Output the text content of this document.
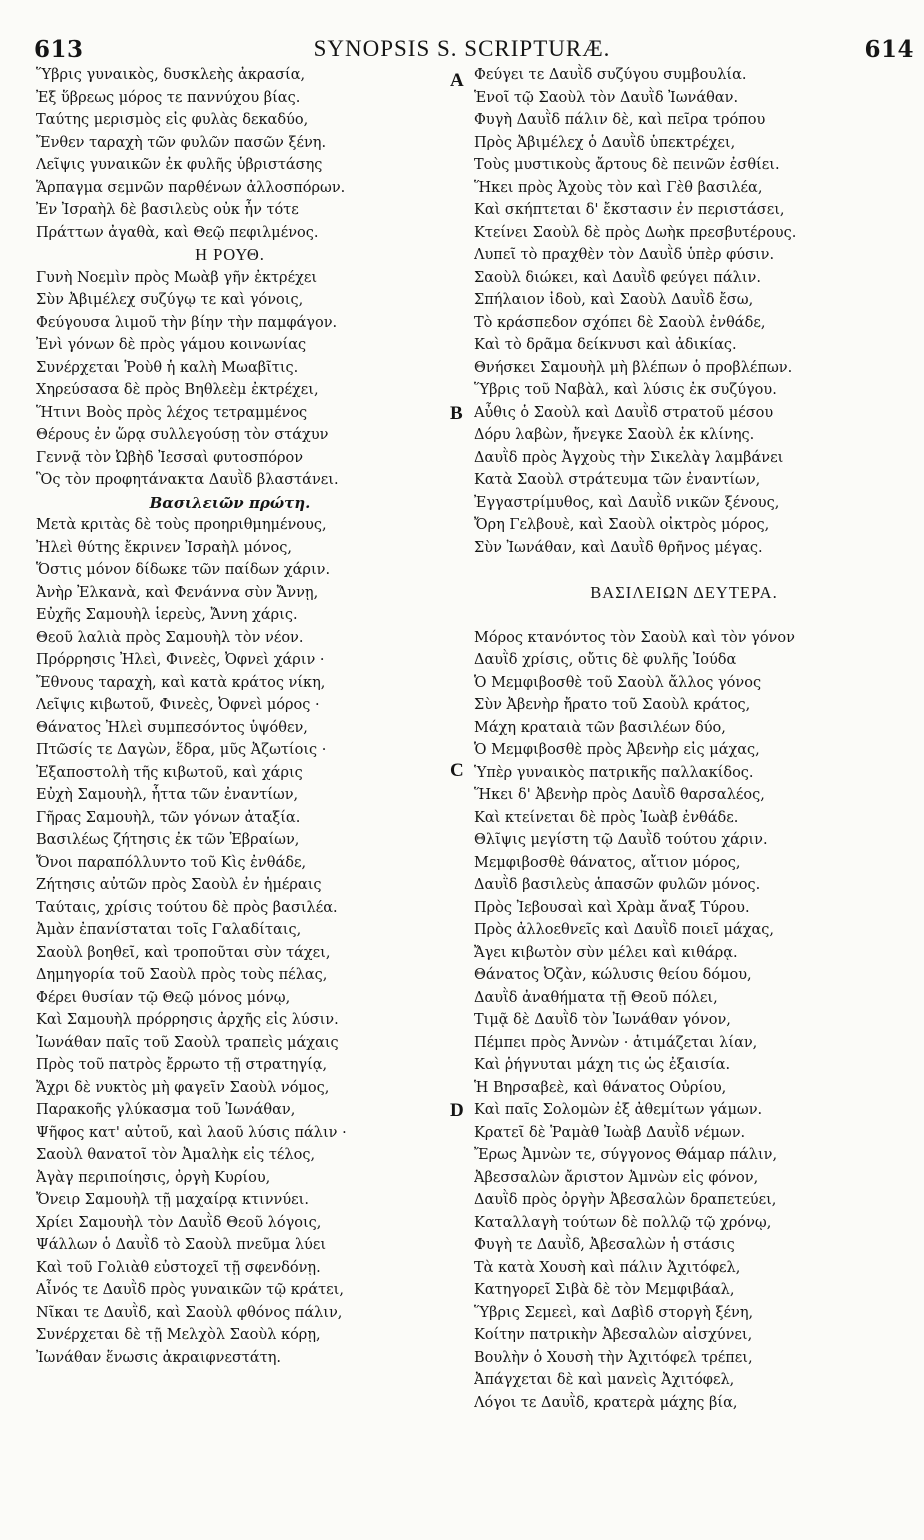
613	SYNOPSIS S. SCRIPTURÆ.	614
Ὕβρις γυναικὸς, δυσκλεὴς ἀκρασία,
Ἐξ ὕβρεως μόρος τε παννύχου βίας.
Ταύτης μερισμὸς εἰς φυλὰς δεκαδύο,
Ἔνθεν ταραχὴ τῶν φυλῶν πασῶν ξένη.
Λεῖψις γυναικῶν ἐκ φυλῆς ὑβριστάσης
Ἅρπαγμα σεμνῶν παρθένων ἀλλοσπόρων.
Ἐν Ἰσραὴλ δὲ βασιλεὺς οὐκ ἦν τότε
Πράττων ἀγαθὰ, καὶ Θεῷ πεφιλμένος.
Η ΡΟΥΘ.
Γυνὴ Νοεμὶν πρὸς Μωὰβ γῆν ἐκτρέχει
Σὺν Ἀβιμέλεχ συζύγῳ τε καὶ γόνοις,
Φεύγουσα λιμοῦ τὴν βίην τὴν παμφάγον.
Ἐνὶ γόνων δὲ πρὸς γάμου κοινωνίας
Συνέρχεται Ῥοὺθ ἡ καλὴ Μωαβῖτις.
Χηρεύσασα δὲ πρὸς Βηθλεὲμ ἐκτρέχει,
Ἥτινι Βοὸς πρὸς λέχος τετραμμένος
Θέρους ἐν ὥρᾳ συλλεγούσῃ τὸν στάχυν
Γεννᾷ τὸν Ὠβὴδ Ἰεσσαὶ φυτοσπόρον
Ὃς τὸν προφητάνακτα Δαυῒδ βλαστάνει.
Βασιλειῶν πρώτη.
Μετὰ κριτὰς δὲ τοὺς προηριθμημένους,
Ἠλεὶ θύτης ἔκρινεν Ἰσραὴλ μόνος,
Ὅστις μόνον δίδωκε τῶν παίδων χάριν.
Ἀνὴρ Ἐλκανὰ, καὶ Φενάννα σὺν Ἄννῃ,
Εὐχῆς Σαμουὴλ ἱερεὺς, Ἄννη χάρις.
Θεοῦ λαλιὰ πρὸς Σαμουὴλ τὸν νέον.
Πρόρρησις Ἠλεὶ, Φινεὲς, Ὀφνεὶ χάριν ·
Ἔθνους ταραχὴ, καὶ κατὰ κράτος νίκη,
Λεῖψις κιβωτοῦ, Φινεὲς, Ὀφνεὶ μόρος ·
Θάνατος Ἠλεὶ συμπεσόντος ὑψόθεν,
Πτῶσίς τε Δαγὼν, ἕδρα, μῦς Ἀζωτίοις ·
Ἐξαποστολὴ τῆς κιβωτοῦ, καὶ χάρις
Εὐχὴ Σαμουὴλ, ἧττα τῶν ἐναντίων,
Γῆρας Σαμουὴλ, τῶν γόνων ἀταξία.
Βασιλέως ζήτησις ἐκ τῶν Ἑβραίων,
Ὄνοι παραπόλλυντο τοῦ Κὶς ἐνθάδε,
Ζήτησις αὐτῶν πρὸς Σαοὺλ ἐν ἡμέραις
Ταύταις, χρίσις τούτου δὲ πρὸς βασιλέα.
Ἀμὰν ἐπανίσταται τοῖς Γαλαδίταις,
Σαοὺλ βοηθεῖ, καὶ τροποῦται σὺν τάχει,
Δημηγορία τοῦ Σαοὺλ πρὸς τοὺς πέλας,
Φέρει θυσίαν τῷ Θεῷ μόνος μόνῳ,
Καὶ Σαμουὴλ πρόρρησις ἀρχῆς εἰς λύσιν.
Ἰωνάθαν παῖς τοῦ Σαοὺλ τραπεὶς μάχαις
Πρὸς τοῦ πατρὸς ἔρρωτο τῇ στρατηγίᾳ,
Ἄχρι δὲ νυκτὸς μὴ φαγεῖν Σαοὺλ νόμος,
Παρακοῆς γλύκασμα τοῦ Ἰωνάθαν,
Ψῆφος κατ' αὐτοῦ, καὶ λαοῦ λύσις πάλιν ·
Σαοὺλ θανατοῖ τὸν Ἀμαλὴκ εἰς τέλος,
Ἀγὰγ περιποίησις, ὀργὴ Κυρίου,
Ὄνειρ Σαμουὴλ τῇ μαχαίρᾳ κτιννύει.
Χρίει Σαμουὴλ τὸν Δαυῒδ Θεοῦ λόγοις,
Ψάλλων ὁ Δαυῒδ τὸ Σαοὺλ πνεῦμα λύει
Καὶ τοῦ Γολιὰθ εὐστοχεῖ τῇ σφενδόνῃ.
Αἶνός τε Δαυῒδ πρὸς γυναικῶν τῷ κράτει,
Νῖκαι τε Δαυῒδ, καὶ Σαοὺλ φθόνος πάλιν,
Συνέρχεται δὲ τῇ Μελχὸλ Σαοὺλ κόρῃ,
Ἰωνάθαν ἕνωσις ἀκραιφνεστάτη.
Φεύγει τε Δαυῒδ συζύγου συμβουλία.
Ἑνοῖ τῷ Σαοὺλ τὸν Δαυῒδ Ἰωνάθαν.
Φυγὴ Δαυῒδ πάλιν δὲ, καὶ πεῖρα τρόπου
Πρὸς Ἀβιμέλεχ ὁ Δαυῒδ ὑπεκτρέχει,
Τοὺς μυστικοὺς ἄρτους δὲ πεινῶν ἐσθίει.
Ἥκει πρὸς Ἀχοὺς τὸν καὶ Γὲθ βασιλέα,
Καὶ σκήπτεται δ' ἔκστασιν ἐν περιστάσει,
Κτείνει Σαοὺλ δὲ πρὸς Δωὴκ πρεσβυτέρους.
Λυπεῖ τὸ πραχθὲν τὸν Δαυῒδ ὑπὲρ φύσιν.
Σαοὺλ διώκει, καὶ Δαυῒδ φεύγει πάλιν.
Σπήλαιον ἰδοὺ, καὶ Σαοὺλ Δαυῒδ ἔσω,
Τὸ κράσπεδον σχόπει δὲ Σαοὺλ ἐνθάδε,
Καὶ τὸ δρᾶμα δείκνυσι καὶ ἀδικίας.
Θνήσκει Σαμουὴλ μὴ βλέπων ὁ προβλέπων.
Ὕβρις τοῦ Ναβὰλ, καὶ λύσις ἐκ συζύγου.
Αὖθις ὁ Σαοὺλ καὶ Δαυῒδ στρατοῦ μέσου
Δόρυ λαβὼν, ἤνεγκε Σαοὺλ ἐκ κλίνης.
Δαυῒδ πρὸς Ἀγχοὺς τὴν Σικελὰγ λαμβάνει
Κατὰ Σαοὺλ στράτευμα τῶν ἐναντίων,
Ἐγγαστρίμυθος, καὶ Δαυῒδ νικῶν ξένους,
Ὄρη Γελβουὲ, καὶ Σαοὺλ οἰκτρὸς μόρος,
Σὺν Ἰωνάθαν, καὶ Δαυῒδ θρῆνος μέγας.
ΒΑΣΙΛΕΙΩΝ ΔΕΥΤΕΡΑ.
Μόρος κτανόντος τὸν Σαοὺλ καὶ τὸν γόνον
Δαυῒδ χρίσις, οὔτις δὲ φυλῆς Ἰούδα
Ὁ Μεμφιβοσθὲ τοῦ Σαοὺλ ἄλλος γόνος
Σὺν Ἀβενὴρ ἤρατο τοῦ Σαοὺλ κράτος,
Μάχη κραταιὰ τῶν βασιλέων δύο,
Ὁ Μεμφιβοσθὲ πρὸς Ἀβενὴρ εἰς μάχας,
Ὑπὲρ γυναικὸς πατρικῆς παλλακίδος.
Ἥκει δ' Ἀβενὴρ πρὸς Δαυῒδ θαρσαλέος,
Καὶ κτείνεται δὲ πρὸς Ἰωὰβ ἐνθάδε.
Θλῖψις μεγίστη τῷ Δαυῒδ τούτου χάριν.
Μεμφιβοσθὲ θάνατος, αἴτιον μόρος,
Δαυῒδ βασιλεὺς ἁπασῶν φυλῶν μόνος.
Πρὸς Ἰεβουσαὶ καὶ Χρὰμ ἄναξ Τύρου.
Πρὸς ἀλλοεθνεῖς καὶ Δαυῒδ ποιεῖ μάχας,
Ἄγει κιβωτὸν σὺν μέλει καὶ κιθάρᾳ.
Θάνατος Ὀζὰν, κώλυσις θείου δόμου,
Δαυῒδ ἀναθήματα τῇ Θεοῦ πόλει,
Τιμᾷ δὲ Δαυῒδ τὸν Ἰωνάθαν γόνον,
Πέμπει πρὸς Ἀννὼν · ἀτιμάζεται λίαν,
Καὶ ῥήγνυται μάχη τις ὡς ἐξαισία.
Ἡ Βηρσαβεὲ, καὶ θάνατος Οὐρίου,
Καὶ παῖς Σολομὼν ἐξ ἀθεμίτων γάμων.
Κρατεῖ δὲ Ῥαμὰθ Ἰωὰβ Δαυῒδ νέμων.
Ἔρως Ἀμνὼν τε, σύγγονος Θάμαρ πάλιν,
Ἀβεσσαλὼν ἄριστον Ἀμνὼν εἰς φόνον,
Δαυῒδ πρὸς ὀργὴν Ἀβεσαλὼν δραπετεύει,
Καταλλαγὴ τούτων δὲ πολλῷ τῷ χρόνῳ,
Φυγὴ τε Δαυῒδ, Ἀβεσαλὼν ἡ στάσις
Τὰ κατὰ Χουσὴ καὶ πάλιν Ἀχιτόφελ,
Κατηγορεῖ Σιβὰ δὲ τὸν Μεμφιβάαλ,
Ὕβρις Σεμεεὶ, καὶ Δαβὶδ στοργὴ ξένη,
Κοίτην πατρικὴν Ἀβεσαλὼν αἰσχύνει,
Βουλὴν ὁ Χουσὴ τὴν Ἀχιτόφελ τρέπει,
Ἀπάγχεται δὲ καὶ μανεὶς Ἀχιτόφελ,
Λόγοι τε Δαυῒδ, κρατερὰ μάχης βία,
A
B
C
D
